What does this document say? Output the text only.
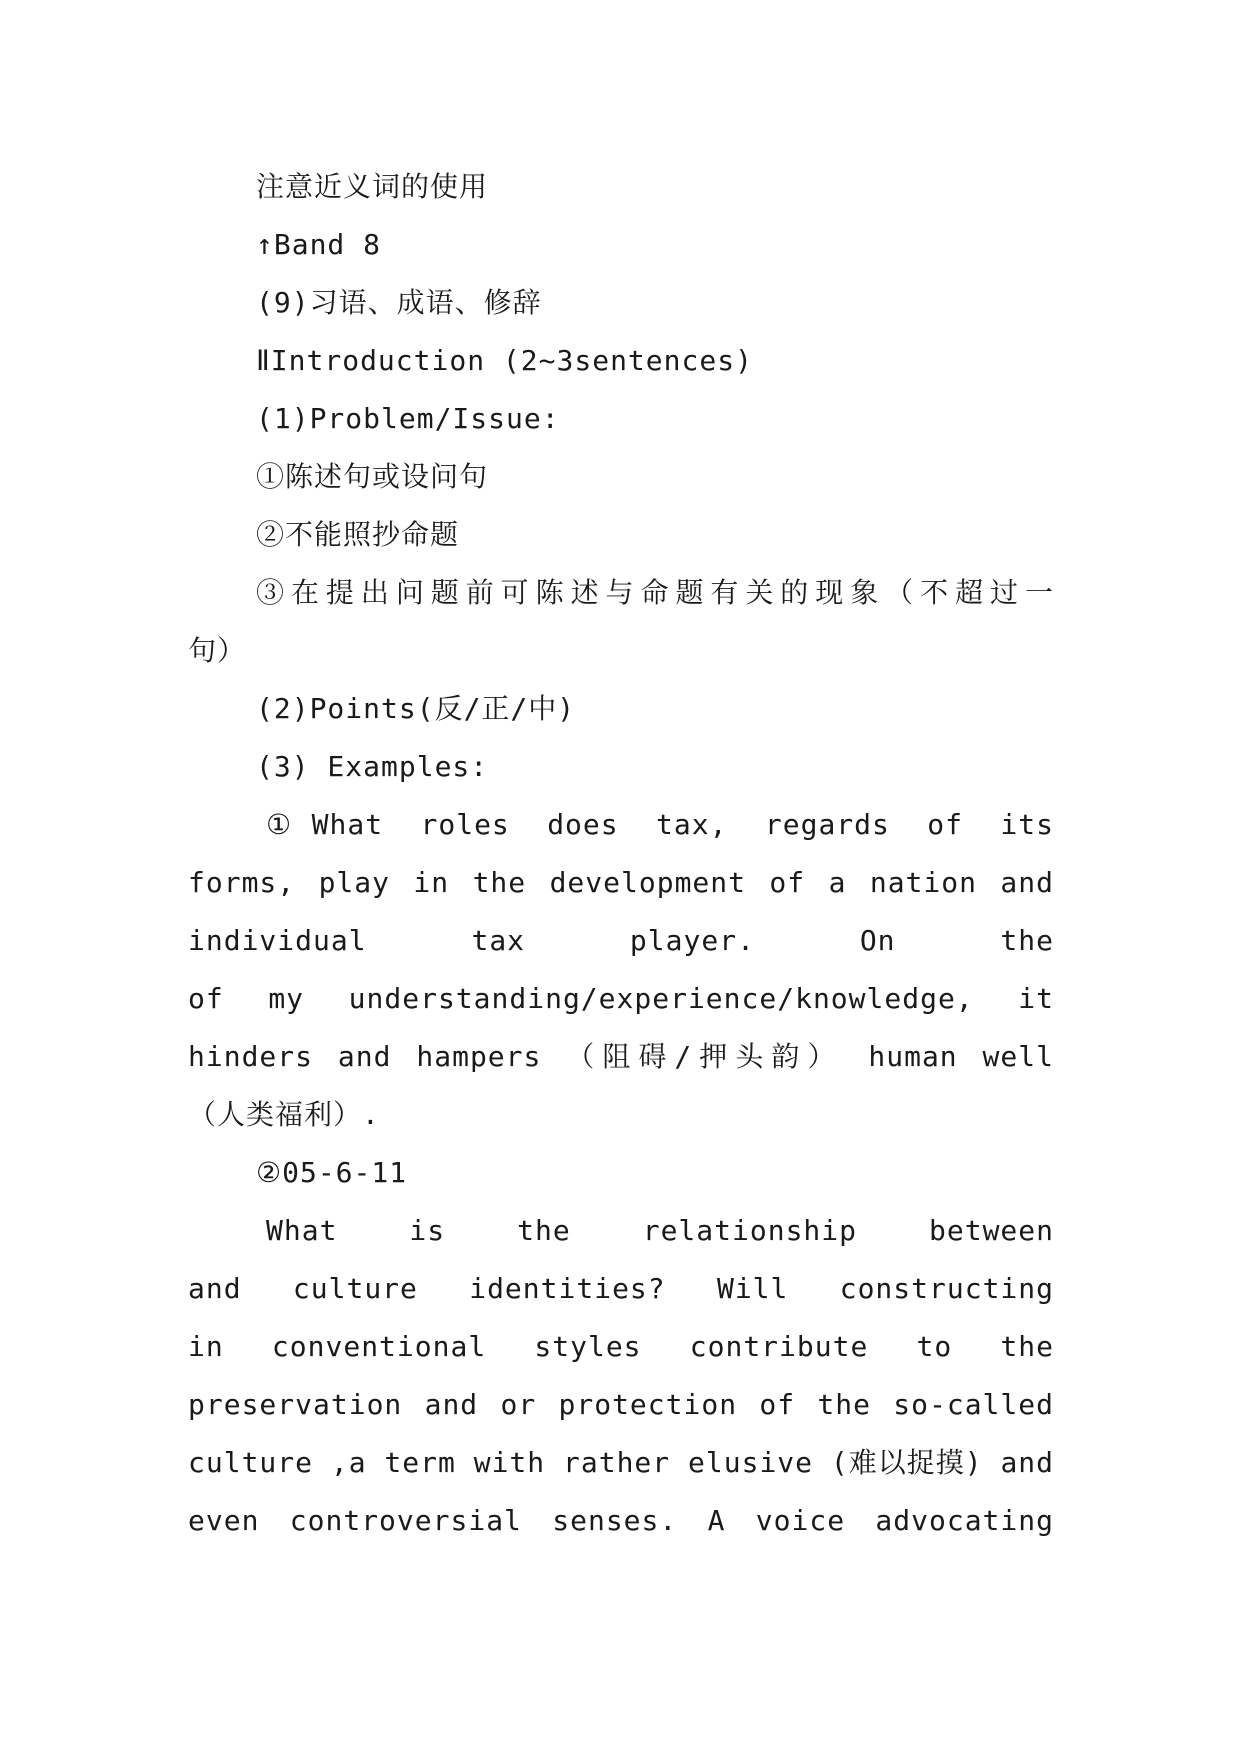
注意近义词的使用
↑Band 8
(9)习语、成语、修辞
ⅡIntroduction (2~3sentences)
(1)Problem/Issue:
①陈述句或设问句
②不能照抄命题
③在提出问题前可陈述与命题有关的现象（不超过一
句）
(2)Points(反/正/中)
(3) Examples:
①What roles does tax, regards of its
forms, play in the development of a nation and
individual tax player. On the
of my understanding/experience/knowledge, it
hinders and hampers （阻碍/押头韵） human well
（人类福利）.
②05-6-11
What is the relationship between
and culture identities? Will constructing
in conventional styles contribute to the
preservation and or protection of the so-called
culture ,a term with rather elusive (难以捉摸) and
even controversial senses. A voice advocating
